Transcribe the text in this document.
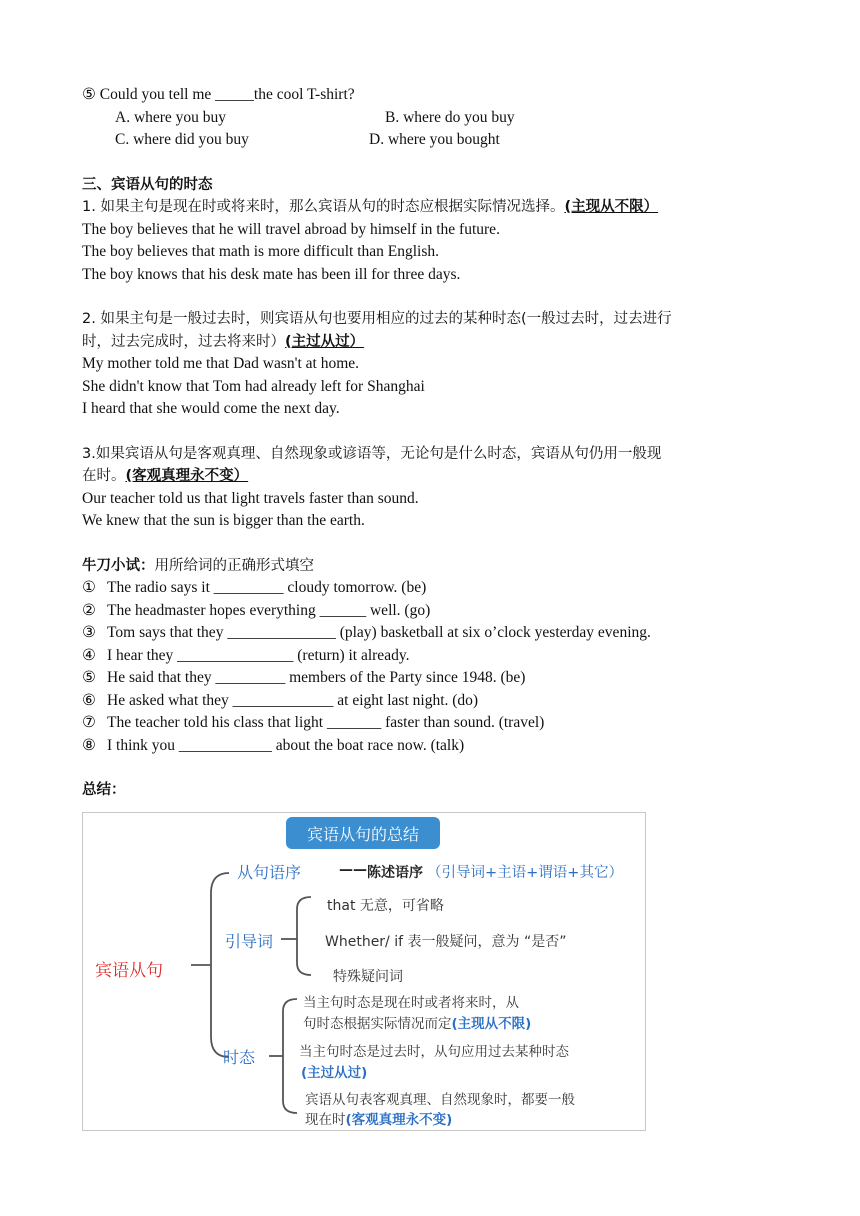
⑤ Could you tell me _____the cool T-shirt?
A. where you buy	B. where do you buy
C. where did you buy	D. where you bought
三、宾语从句的时态
1. 如果主句是现在时或将来时，那么宾语从句的时态应根据实际情况选择。(主现从不限）
The boy believes that he will travel abroad by himself in the future.
The boy believes that math is more difficult than English.
The boy knows that his desk mate has been ill for three days.
2. 如果主句是一般过去时，则宾语从句也要用相应的过去的某种时态(一般过去时，过去进行
时，过去完成时，过去将来时）(主过从过）
My mother told me that Dad wasn't at home.
She didn't know that Tom had already left for Shanghai
I heard that she would come the next day.
3.如果宾语从句是客观真理、自然现象或谚语等，无论句是什么时态，宾语从句仍用一般现
在时。(客观真理永不变）
Our teacher told us that light travels faster than sound.
We knew that the sun is bigger than the earth.
牛刀小试：用所给词的正确形式填空
① The radio says it _________ cloudy tomorrow. (be)
② The headmaster hopes everything ______ well. (go)
③ Tom says that they ______________ (play) basketball at six o’clock yesterday evening.
④ I hear they _______________ (return) it already.
⑤ He said that they _________ members of the Party since 1948. (be)
⑥ He asked what they _____________ at eight last night. (do)
⑦ The teacher told his class that light _______ faster than sound. (travel)
⑧ I think you ____________ about the boat race now. (talk)
总结：
宾语从句的总结
宾语从句
从句语序	—— 陈述语序 （引导词+主语+谓语+其它）
引导词
that 无意，可省略
Whether/ if 表一般疑问，意为 “是否”
特殊疑问词
时态
当主句时态是现在时或者将来时，从
句时态根据实际情况而定(主现从不限)
当主句时态是过去时，从句应用过去某种时态
(主过从过)
宾语从句表客观真理、自然现象时，都要一般
现在时(客观真理永不变)
